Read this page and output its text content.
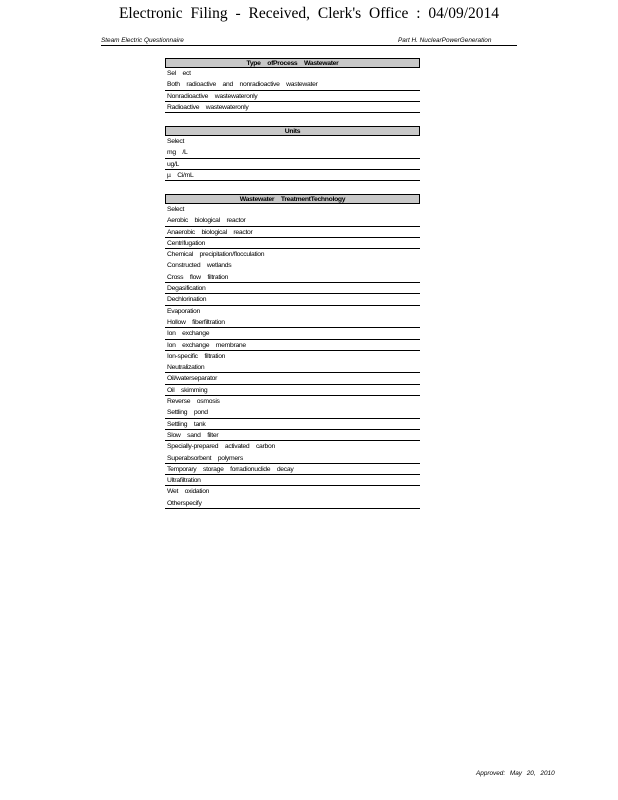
Electronic Filing - Received, Clerk's Office : 04/09/2014
Steam Electric Questionnaire	Part H. NuclearPowerGeneration
Type ofProcess Wastewater
Sel ect
Both radioactive and nonradioactive wastewater
Nonradioactive wastewateronly
Radioactive wastewateronly
Units
Select
mg /L
ug/L
µ Ci/mL
Wastewater TreatmentTechnology
Select
Aerobic biological reactor
Anaerobic biological reactor
Centrifugation
Chemical precipitation/flocculation
Constructed wetlands
Cross flow filtration
Degasification
Dechlorination
Evaporation
Hollow fiberfiltration
Ion exchange
Ion exchange membrane
Ion-specific filtration
Neutralization
Oil/waterseparator
Oil skimming
Reverse osmosis
Settling pond
Settling tank
Slow sand filter
Specially-prepared activated carbon
Superabsorbent polymers
Temporary storage forradionuclide decay
Ultrafiltration
Wet oxidation
Otherspecify
Approved: May 20, 2010
